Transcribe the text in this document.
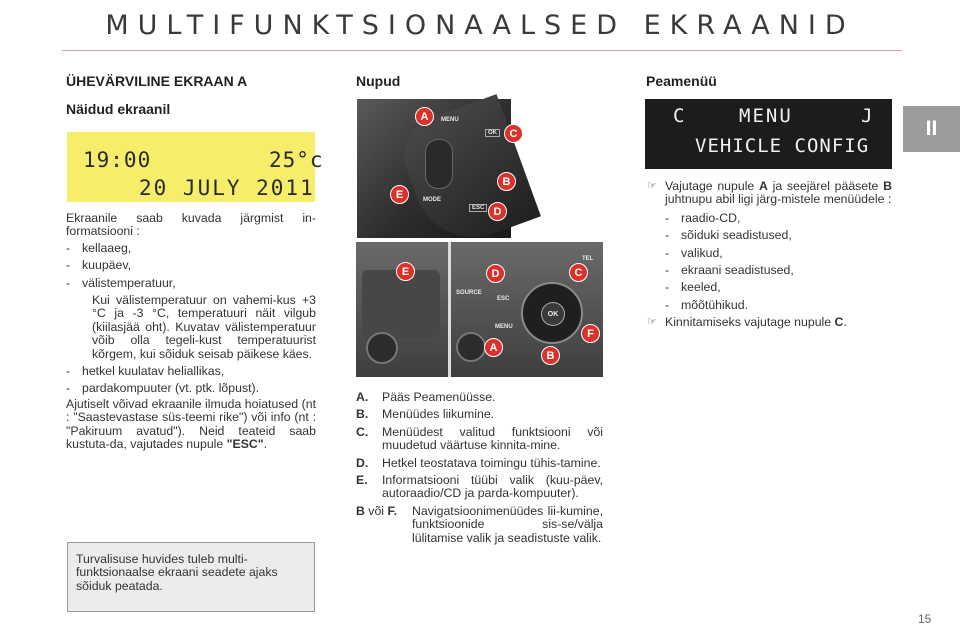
MULTIFUNKTSIONAALSED EKRAANID
II
ÜHEVÄRVILINE EKRAAN A
Näidud ekraanil
19:00	25°c
20 JULY 2011
Ekraanile saab kuvada järgmist in-formatsiooni :
- kellaaeg,
- kuupäev,
- välistemperatuur,
Kui välistemperatuur on vahemi-kus +3 °C ja -3 °C, temperatuuri näit vilgub (kiilasjää oht). Kuvatav välistemperatuur võib olla tegeli-kust temperatuurist kõrgem, kui sõiduk seisab päikese käes.
- hetkel kuulatav heliallikas,
- pardakompuuter (vt. ptk. lõpust).
Ajutiselt võivad ekraanile ilmuda hoiatused (nt : "Saastevastase süs-teemi rike") või info (nt : "Pakiruum avatud"). Neid teateid saab kustuta-da, vajutades nupule "ESC".
Turvalisuse huvides tuleb multi-funktsionaalse ekraani seadete ajaks sõiduk peatada.
Nupud
MENU
OK
MODE
ESC
A
C
B
E
D
SOURCE
ESC
MENU
TEL
OK
E	D	C
F
A
B
A.	Pääs Peamenüüsse.
B.	Menüüdes liikumine.
C.	Menüüdest valitud funktsiooni või muudetud väärtuse kinnita-mine.
D.	Hetkel teostatava toimingu tühis-tamine.
E.	Informatsiooni tüübi valik (kuu-päev, autoraadio/CD ja parda-kompuuter).
B või F.	Navigatsioonimenüüdes lii-kumine, funktsioonide sis-se/välja lülitamise valik ja seadistuste valik.
Peamenüü
C	MENU	J
VEHICLE CONFIG
☞ Vajutage nupule A ja seejärel pääsete B juhtnupu abil ligi järg-mistele menüüdele :
- raadio-CD,
- sõiduki seadistused,
- valikud,
- ekraani seadistused,
- keeled,
- mõõtühikud.
☞ Kinnitamiseks vajutage nupule C.
15
